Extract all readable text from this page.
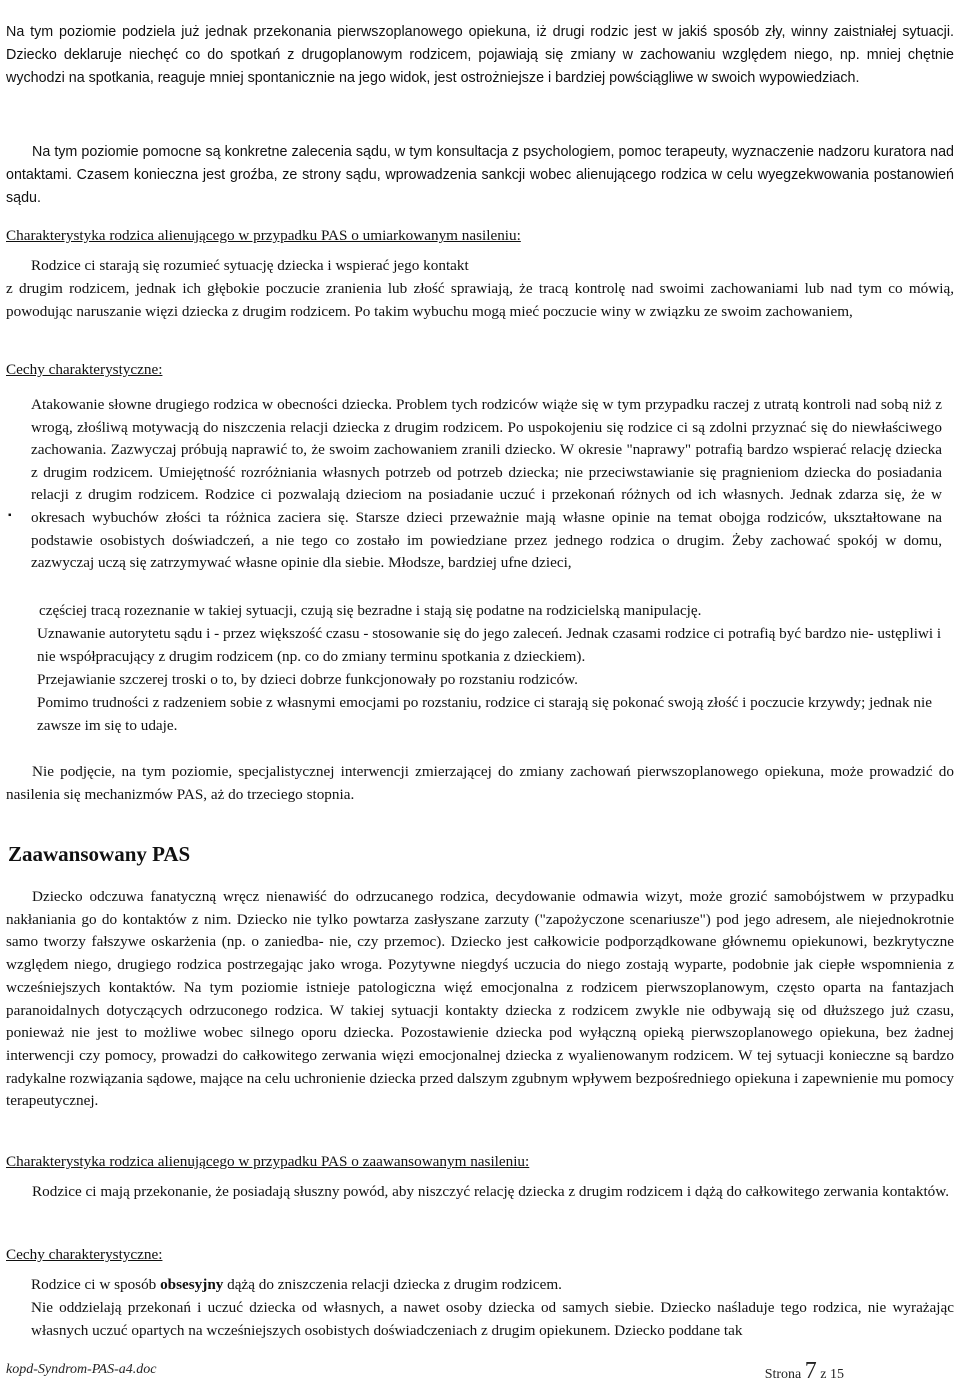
Na tym poziomie podziela już jednak przekonania pierwszoplanowego opiekuna, iż drugi rodzic jest w jakiś sposób zły, winny zaistniałej sytuacji. Dziecko deklaruje niechęć co do spotkań z drugoplanowym rodzicem, pojawiają się zmiany w zachowaniu względem niego, np. mniej chętnie wychodzi na spotkania, reaguje mniej spontanicznie na jego widok, jest ostrożniejsze i bardziej powściągliwe w swoich wypowiedziach.

Na tym poziomie pomocne są konkretne zalecenia sądu, w tym konsultacja z psychologiem, pomoc terapeuty, wyznaczenie nadzoru kuratora nad ontaktami. Czasem konieczna jest groźba, ze strony sądu, wprowadzenia sankcji wobec alienującego rodzica w celu wyegzekwowania postanowień sądu.

Charakterystyka rodzica alienującego w przypadku PAS o umiarkowanym nasileniu:

Rodzice ci starają się rozumieć sytuację dziecka i wspierać jego kontakt

z drugim rodzicem, jednak ich głębokie poczucie zranienia lub złość sprawiają, że tracą kontrolę nad swoimi zachowaniami lub nad tym co mówią, powodując naruszanie więzi dziecka z drugim rodzicem. Po takim wybuchu mogą mieć poczucie winy w związku ze swoim zachowaniem,

Cechy charakterystyczne:

▪

Atakowanie słowne drugiego rodzica w obecności dziecka. Problem tych rodziców wiąże się w tym przypadku raczej z utratą kontroli nad sobą niż z wrogą, złośliwą motywacją do niszczenia relacji dziecka z drugim rodzicem. Po uspokojeniu się rodzice ci są zdolni przyznać się do niewłaściwego zachowania. Zazwyczaj próbują naprawić to, że swoim zachowaniem zranili dziecko. W okresie "naprawy" potrafią bardzo wspierać relację dziecka z drugim rodzicem. Umiejętność rozróżniania własnych potrzeb od potrzeb dziecka; nie przeciwstawianie się pragnieniom dziecka do posiadania relacji z drugim rodzicem. Rodzice ci pozwalają dzieciom na posiadanie uczuć i przekonań różnych od ich własnych. Jednak zdarza się, że w okresach wybuchów złości ta różnica zaciera się. Starsze dzieci przeważnie mają własne opinie na temat obojga rodziców, ukształtowane na podstawie osobistych doświadczeń, a nie tego co zostało im powiedziane przez jednego rodzica o drugim. Żeby zachować spokój w domu, zazwyczaj uczą się zatrzymywać własne opinie dla siebie. Młodsze, bardziej ufne dzieci,

częściej tracą rozeznanie w takiej sytuacji, czują się bezradne i stają się podatne na rodzicielską manipulację.

Uznawanie autorytetu sądu i - przez większość czasu - stosowanie się do jego zaleceń. Jednak czasami rodzice ci potrafią być bardzo nie- ustępliwi i nie współpracujący z drugim rodzicem (np. co do zmiany terminu spotkania z dzieckiem).

Przejawianie szczerej troski o to, by dzieci dobrze funkcjonowały po rozstaniu rodziców.

Pomimo trudności z radzeniem sobie z własnymi emocjami po rozstaniu, rodzice ci starają się pokonać swoją złość i poczucie krzywdy; jednak nie zawsze im się to udaje.

Nie podjęcie, na tym poziomie, specjalistycznej interwencji zmierzającej do zmiany zachowań pierwszoplanowego opiekuna, może prowadzić do nasilenia się mechanizmów PAS, aż do trzeciego stopnia.

Zaawansowany PAS

Dziecko odczuwa fanatyczną wręcz nienawiść do odrzucanego rodzica, decydowanie odmawia wizyt, może grozić samobójstwem w przypadku nakłaniania go do kontaktów z nim. Dziecko nie tylko powtarza zasłyszane zarzuty ("zapożyczone scenariusze") pod jego adresem, ale niejednokrotnie samo tworzy fałszywe oskarżenia (np. o zaniedba- nie, czy przemoc). Dziecko jest całkowicie podporządkowane głównemu opiekunowi, bezkrytyczne względem niego, drugiego rodzica postrzegając jako wroga. Pozytywne niegdyś uczucia do niego zostają wyparte, podobnie jak ciepłe wspomnienia z wcześniejszych kontaktów. Na tym poziomie istnieje patologiczna więź emocjonalna z rodzicem pierwszoplanowym, często oparta na fantazjach paranoidalnych dotyczących odrzuconego rodzica. W takiej sytuacji kontakty dziecka z rodzicem zwykle nie odbywają się od dłuższego już czasu, ponieważ nie jest to możliwe wobec silnego oporu dziecka. Pozostawienie dziecka pod wyłączną opieką pierwszoplanowego opiekuna, bez żadnej interwencji czy pomocy, prowadzi do całkowitego zerwania więzi emocjonalnej dziecka z wyalienowanym rodzicem. W tej sytuacji konieczne są bardzo radykalne rozwiązania sądowe, mające na celu uchronienie dziecka przed dalszym zgubnym wpływem bezpośredniego opiekuna i zapewnienie mu pomocy terapeutycznej.

Charakterystyka rodzica alienującego w przypadku PAS o zaawansowanym nasileniu:

Rodzice ci mają przekonanie, że posiadają słuszny powód, aby niszczyć relację dziecka z drugim rodzicem i dążą do całkowitego zerwania kontaktów.

Cechy charakterystyczne:

Rodzice ci w sposób obsesyjny dążą do zniszczenia relacji dziecka z drugim rodzicem.

Nie oddzielają przekonań i uczuć dziecka od własnych, a nawet osoby dziecka od samych siebie. Dziecko naśladuje tego rodzica, nie wyrażając własnych uczuć opartych na wcześniejszych osobistych doświadczeniach z drugim opiekunem. Dziecko poddane tak

kopd-Syndrom-PAS-a4.doc	Strona 7 z 15
